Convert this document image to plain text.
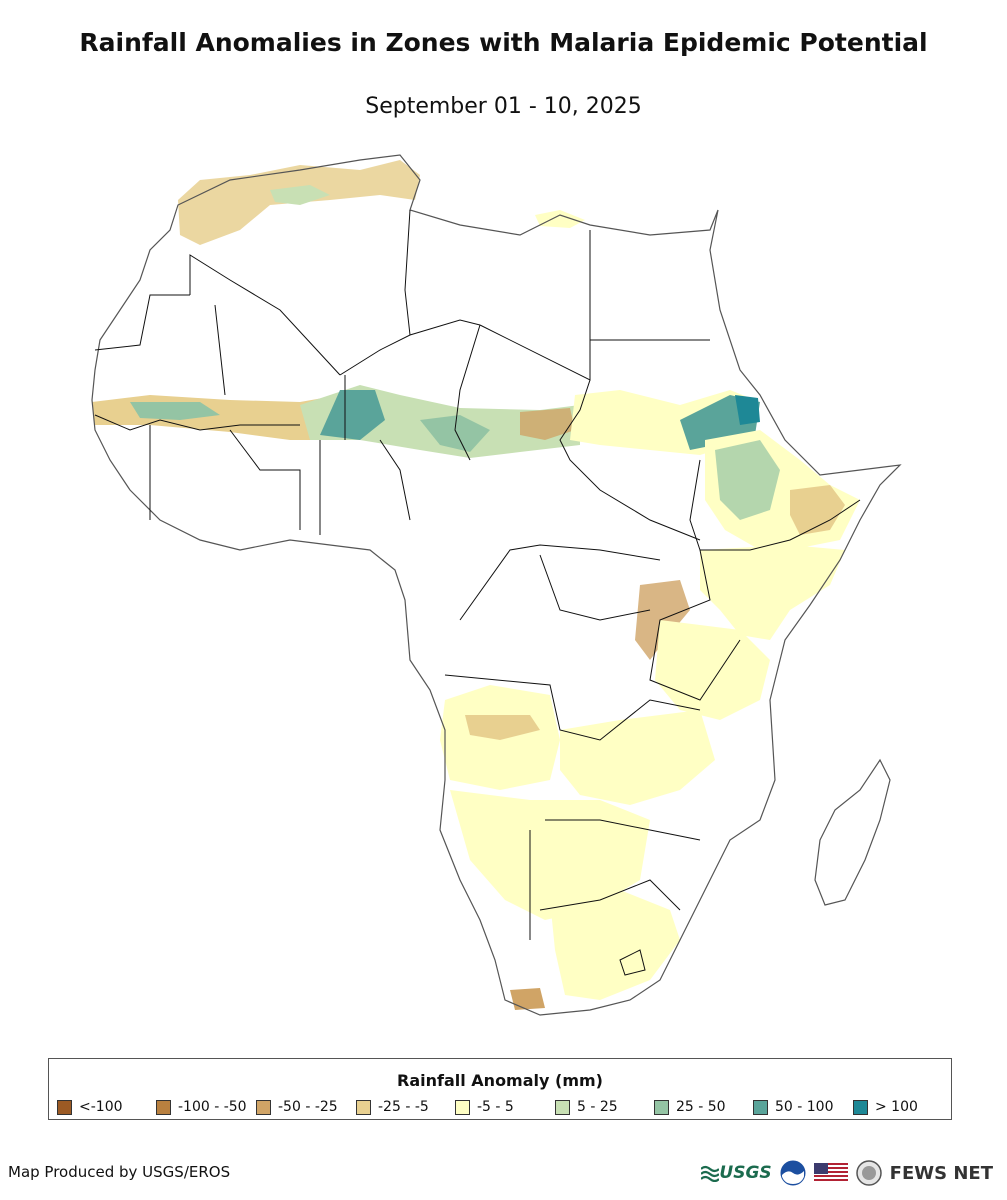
Rainfall Anomalies in Zones with Malaria Epidemic Potential
September 01 - 10, 2025
Rainfall Anomaly (mm)
<-100	-100 - -50 -50 - -25	-25 - -5	-5 - 5	5 - 25	25 - 50	50 - 100	> 100
Map Produced by USGS/EROS	USGS	FEWS NET
